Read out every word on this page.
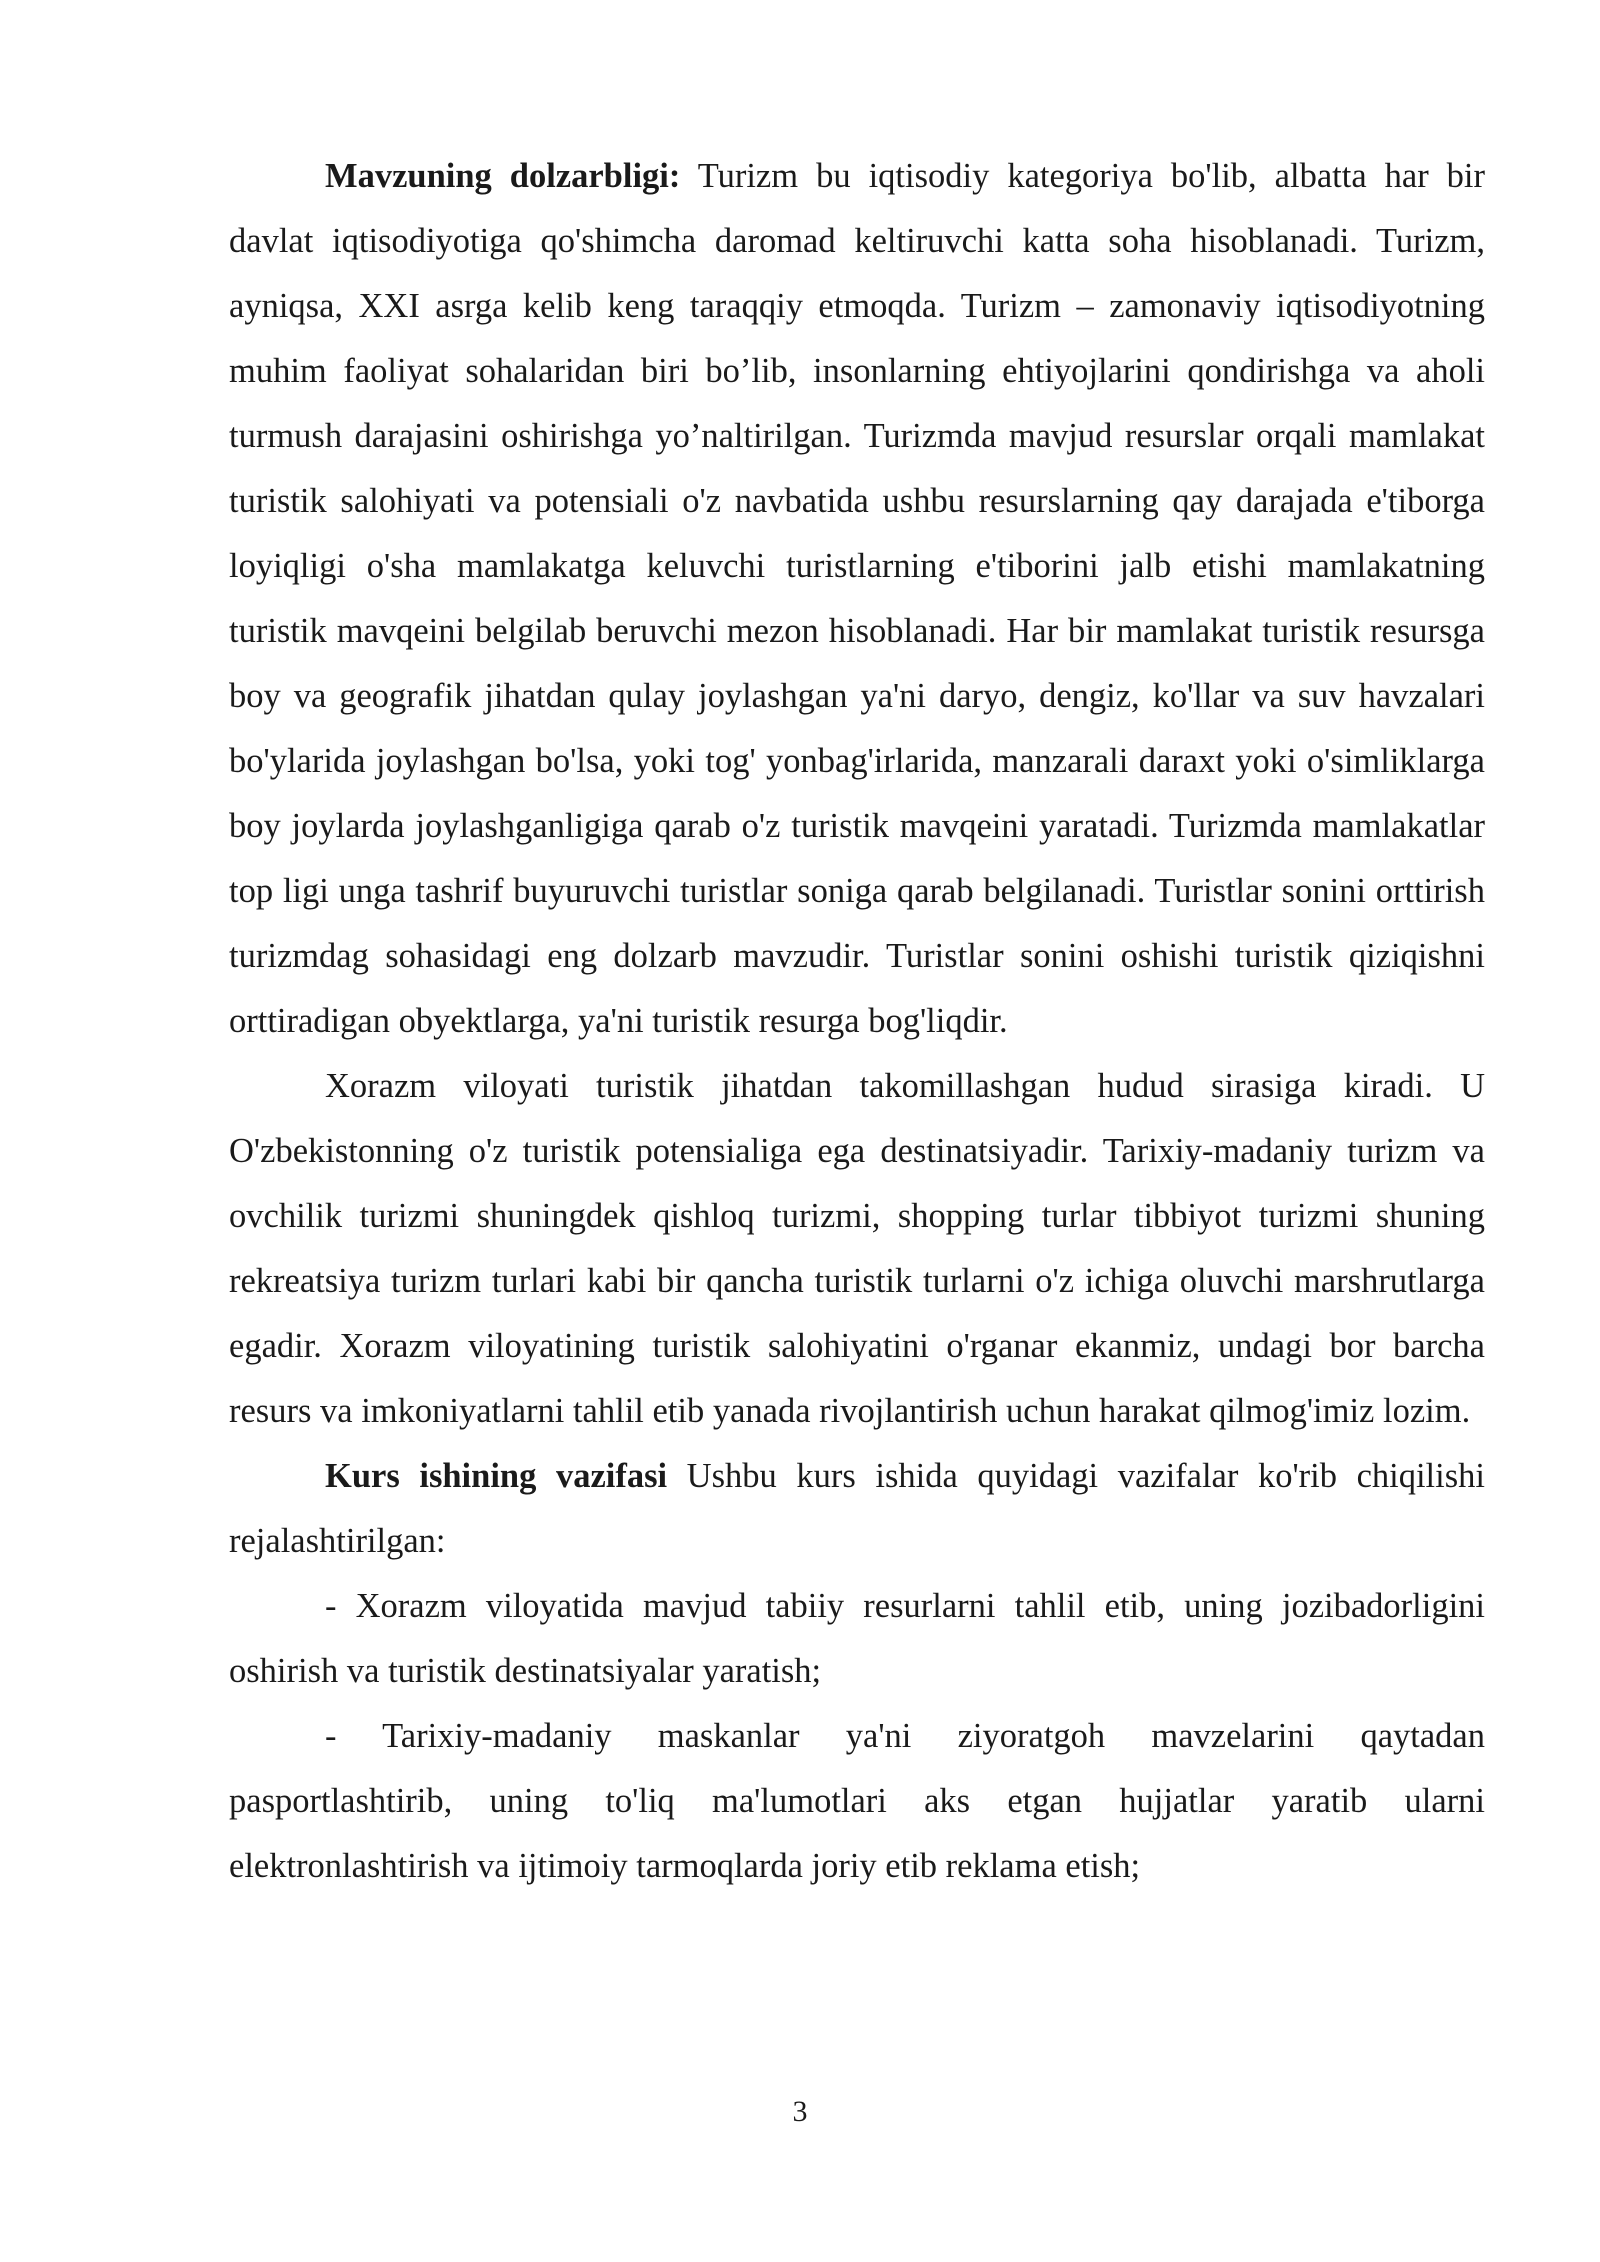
Mavzuning dolzarbligi: Turizm bu iqtisodiy kategoriya bo'lib, albatta har bir davlat iqtisodiyotiga qo'shimcha daromad keltiruvchi katta soha hisoblanadi. Turizm, ayniqsa, XXI asrga kelib keng taraqqiy etmoqda. Turizm – zamonaviy iqtisodiyotning muhim faoliyat sohalaridan biri bo’lib, insonlarning ehtiyojlarini qondirishga va aholi turmush darajasini oshirishga yo’naltirilgan. Turizmda mavjud resurslar orqali mamlakat turistik salohiyati va potensiali o'z navbatida ushbu resurslarning qay darajada e'tiborga loyiqligi o'sha mamlakatga keluvchi turistlarning e'tiborini jalb etishi mamlakatning turistik mavqeini belgilab beruvchi mezon hisoblanadi. Har bir mamlakat turistik resursga boy va geografik jihatdan qulay joylashgan ya'ni daryo, dengiz, ko'llar va suv havzalari bo'ylarida joylashgan bo'lsa, yoki tog' yonbag'irlarida, manzarali daraxt yoki o'simliklarga boy joylarda joylashganligiga qarab o'z turistik mavqeini yaratadi. Turizmda mamlakatlar top ligi unga tashrif buyuruvchi turistlar soniga qarab belgilanadi. Turistlar sonini orttirish turizmdag sohasidagi eng dolzarb mavzudir. Turistlar sonini oshishi turistik qiziqishni orttiradigan obyektlarga, ya'ni turistik resurga bog'liqdir.

Xorazm viloyati turistik jihatdan takomillashgan hudud sirasiga kiradi. U O'zbekistonning o'z turistik potensialiga ega destinatsiyadir. Tarixiy-madaniy turizm va ovchilik turizmi shuningdek qishloq turizmi, shopping turlar tibbiyot turizmi shuning rekreatsiya turizm turlari kabi bir qancha turistik turlarni o'z ichiga oluvchi marshrutlarga egadir. Xorazm viloyatining turistik salohiyatini o'rganar ekanmiz, undagi bor barcha resurs va imkoniyatlarni tahlil etib yanada rivojlantirish uchun harakat qilmog'imiz lozim.

Kurs ishining vazifasi Ushbu kurs ishida quyidagi vazifalar ko'rib chiqilishi rejalashtirilgan:

- Xorazm viloyatida mavjud tabiiy resurlarni tahlil etib, uning jozibadorligini oshirish va turistik destinatsiyalar yaratish;

- Tarixiy-madaniy maskanlar ya'ni ziyoratgoh mavzelarini qaytadan pasportlashtirib, uning to'liq ma'lumotlari aks etgan hujjatlar yaratib ularni elektronlashtirish va ijtimoiy tarmoqlarda joriy etib reklama etish;

3
